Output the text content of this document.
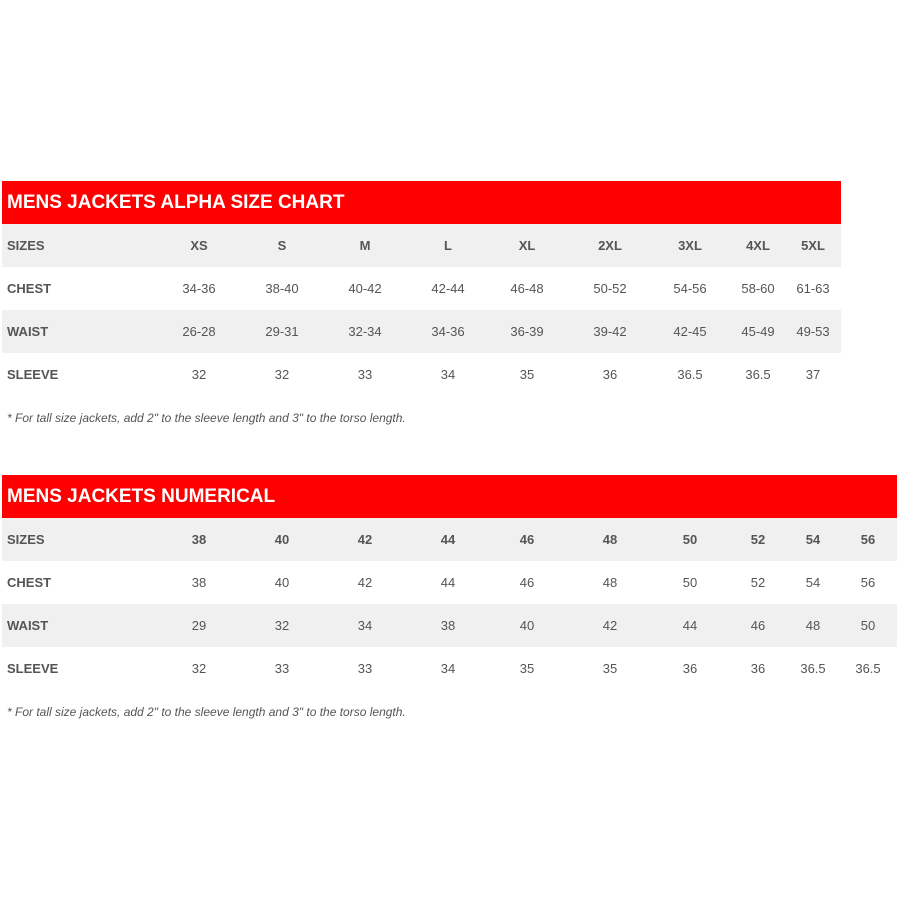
MENS JACKETS ALPHA SIZE CHART
SIZES	XS	S	M	L	XL	2XL	3XL	4XL	5XL
CHEST	34-36	38-40	40-42	42-44	46-48	50-52	54-56	58-60	61-63
WAIST	26-28	29-31	32-34	34-36	36-39	39-42	42-45	45-49	49-53
SLEEVE	32	32	33	34	35	36	36.5	36.5	37
* For tall size jackets, add 2" to the sleeve length and 3" to the torso length.
MENS JACKETS NUMERICAL
SIZES	38	40	42	44	46	48	50	52	54	56
CHEST	38	40	42	44	46	48	50	52	54	56
WAIST	29	32	34	38	40	42	44	46	48	50
SLEEVE	32	33	33	34	35	35	36	36	36.5	36.5
* For tall size jackets, add 2" to the sleeve length and 3" to the torso length.
